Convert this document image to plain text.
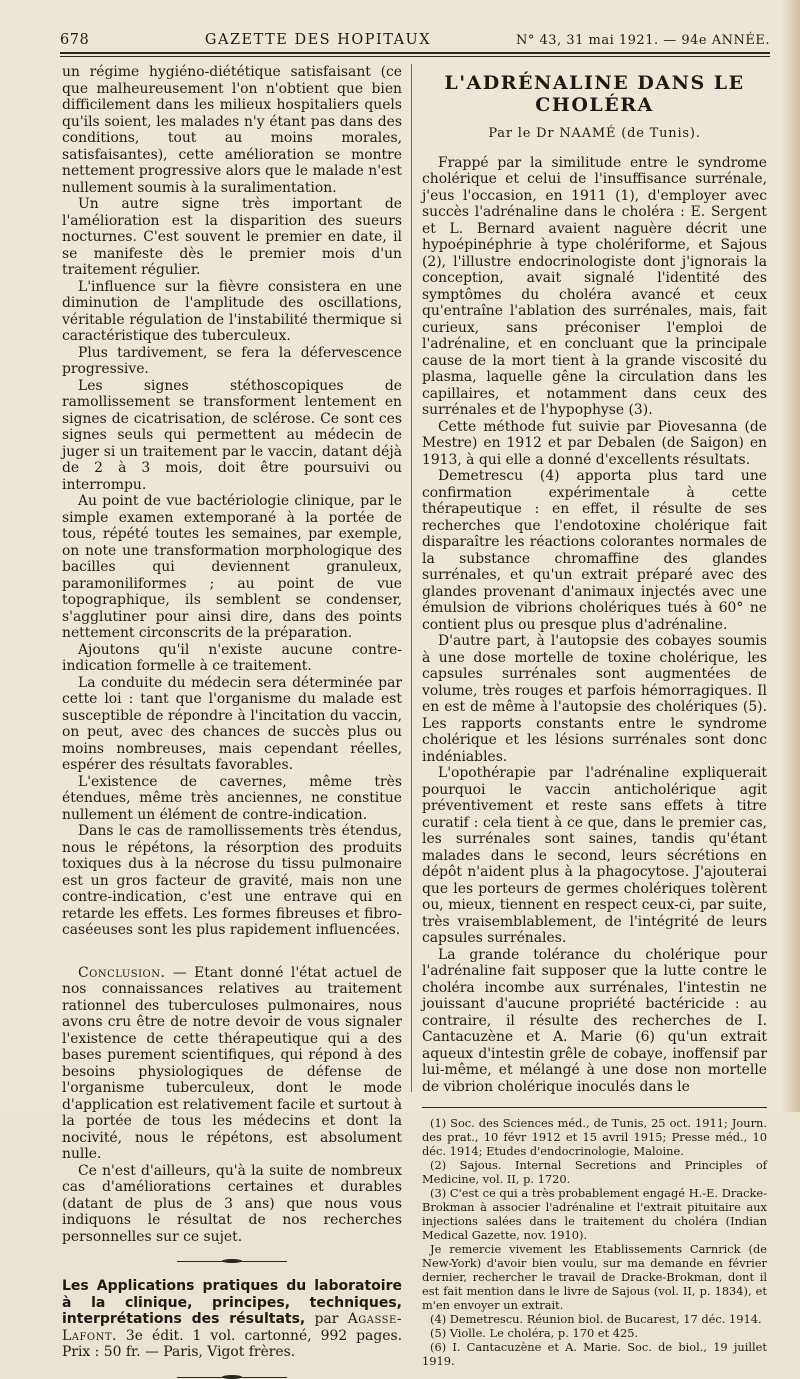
678	GAZETTE DES HOPITAUX	N° 43, 31 mai 1921. — 94e ANNÉE.

un régime hygiéno-diététique satisfaisant (ce que malheureusement l'on n'obtient que bien difficilement dans les milieux hospitaliers quels qu'ils soient, les malades n'y étant pas dans des conditions, tout au moins morales, satisfaisantes), cette amélioration se montre nettement progressive alors que le malade n'est nullement soumis à la suralimentation.

Un autre signe très important de l'amélioration est la disparition des sueurs nocturnes. C'est souvent le premier en date, il se manifeste dès le premier mois d'un traitement régulier.

L'influence sur la fièvre consistera en une diminution de l'amplitude des oscillations, véritable régulation de l'instabilité thermique si caractéristique des tuberculeux.

Plus tardivement, se fera la défervescence progressive.

Les signes stéthoscopiques de ramollissement se transforment lentement en signes de cicatrisation, de sclérose. Ce sont ces signes seuls qui permettent au médecin de juger si un traitement par le vaccin, datant déjà de 2 à 3 mois, doit être poursuivi ou interrompu.

Au point de vue bactériologie clinique, par le simple examen extemporané à la portée de tous, répété toutes les semaines, par exemple, on note une transformation morphologique des bacilles qui deviennent granuleux, paramoniliformes ; au point de vue topographique, ils semblent se condenser, s'agglutiner pour ainsi dire, dans des points nettement circonscrits de la préparation.

Ajoutons qu'il n'existe aucune contre-indication formelle à ce traitement.

La conduite du médecin sera déterminée par cette loi : tant que l'organisme du malade est susceptible de répondre à l'incitation du vaccin, on peut, avec des chances de succès plus ou moins nombreuses, mais cependant réelles, espérer des résultats favorables.

L'existence de cavernes, même très étendues, même très anciennes, ne constitue nullement un élément de contre-indication.

Dans le cas de ramollissements très étendus, nous le répétons, la résorption des produits toxiques dus à la nécrose du tissu pulmonaire est un gros facteur de gravité, mais non une contre-indication, c'est une entrave qui en retarde les effets. Les formes fibreuses et fibro-caséeuses sont les plus rapidement influencées.

Conclusion. — Etant donné l'état actuel de nos connaissances relatives au traitement rationnel des tuberculoses pulmonaires, nous avons cru être de notre devoir de vous signaler l'existence de cette thérapeutique qui a des bases purement scientifiques, qui répond à des besoins physiologiques de défense de l'organisme tuberculeux, dont le mode d'application est relativement facile et surtout à la portée de tous les médecins et dont la nocivité, nous le répétons, est absolument nulle.

Ce n'est d'ailleurs, qu'à la suite de nombreux cas d'améliorations certaines et durables (datant de plus de 3 ans) que nous vous indiquons le résultat de nos recherches personnelles sur ce sujet.

Les Applications pratiques du laboratoire à la clinique, principes, techniques, interprétations des résultats, par Agasse-Lafont. 3e édit. 1 vol. cartonné, 992 pages. Prix : 50 fr. — Paris, Vigot frères.

L'ADRÉNALINE DANS LE CHOLÉRA
Par le Dr NAAMÉ (de Tunis).

Frappé par la similitude entre le syndrome cholérique et celui de l'insuffisance surrénale, j'eus l'occasion, en 1911 (1), d'employer avec succès l'adrénaline dans le choléra : E. Sergent et L. Bernard avaient naguère décrit une hypoépinéphrie à type cholériforme, et Sajous (2), l'illustre endocrinologiste dont j'ignorais la conception, avait signalé l'identité des symptômes du choléra avancé et ceux qu'entraîne l'ablation des surrénales, mais, fait curieux, sans préconiser l'emploi de l'adrénaline, et en concluant que la principale cause de la mort tient à la grande viscosité du plasma, laquelle gêne la circulation dans les capillaires, et notamment dans ceux des surrénales et de l'hypophyse (3).

Cette méthode fut suivie par Piovesanna (de Mestre) en 1912 et par Debalen (de Saigon) en 1913, à qui elle a donné d'excellents résultats.

Demetrescu (4) apporta plus tard une confirmation expérimentale à cette thérapeutique : en effet, il résulte de ses recherches que l'endotoxine cholérique fait disparaître les réactions colorantes normales de la substance chromaffine des glandes surrénales, et qu'un extrait préparé avec des glandes provenant d'animaux injectés avec une émulsion de vibrions cholériques tués à 60° ne contient plus ou presque plus d'adrénaline.

D'autre part, à l'autopsie des cobayes soumis à une dose mortelle de toxine cholérique, les capsules surrénales sont augmentées de volume, très rouges et parfois hémorragiques. Il en est de même à l'autopsie des cholériques (5). Les rapports constants entre le syndrome cholérique et les lésions surrénales sont donc indéniables.

L'opothérapie par l'adrénaline expliquerait pourquoi le vaccin anticholérique agit préventivement et reste sans effets à titre curatif : cela tient à ce que, dans le premier cas, les surrénales sont saines, tandis qu'étant malades dans le second, leurs sécrétions en dépôt n'aident plus à la phagocytose. J'ajouterai que les porteurs de germes cholériques tolèrent ou, mieux, tiennent en respect ceux-ci, par suite, très vraisemblablement, de l'intégrité de leurs capsules surrénales.

La grande tolérance du cholérique pour l'adrénaline fait supposer que la lutte contre le choléra incombe aux surrénales, l'intestin ne jouissant d'aucune propriété bactéricide : au contraire, il résulte des recherches de I. Cantacuzène et A. Marie (6) qu'un extrait aqueux d'intestin grêle de cobaye, inoffensif par lui-même, et mélangé à une dose non mortelle de vibrion cholérique inoculés dans le

(1) Soc. des Sciences méd., de Tunis, 25 oct. 1911; Journ. des prat., 10 févr 1912 et 15 avril 1915; Presse méd., 10 déc. 1914; Etudes d'endocrinologie, Maloine.

(2) Sajous. Internal Secretions and Principles of Medicine, vol. II, p. 1720.

(3) C'est ce qui a très probablement engagé H.-E. Dracke-Brokman à associer l'adrénaline et l'extrait pituitaire aux injections salées dans le traitement du choléra (Indian Medical Gazette, nov. 1910).

Je remercie vivement les Etablissements Carnrick (de New-York) d'avoir bien voulu, sur ma demande en février dernier, rechercher le travail de Dracke-Brokman, dont il est fait mention dans le livre de Sajous (vol. II, p. 1834), et m'en envoyer un extrait.

(4) Demetrescu. Réunion biol. de Bucarest, 17 déc. 1914.

(5) Violle. Le choléra, p. 170 et 425.

(6) I. Cantacuzène et A. Marie. Soc. de biol., 19 juillet 1919.
